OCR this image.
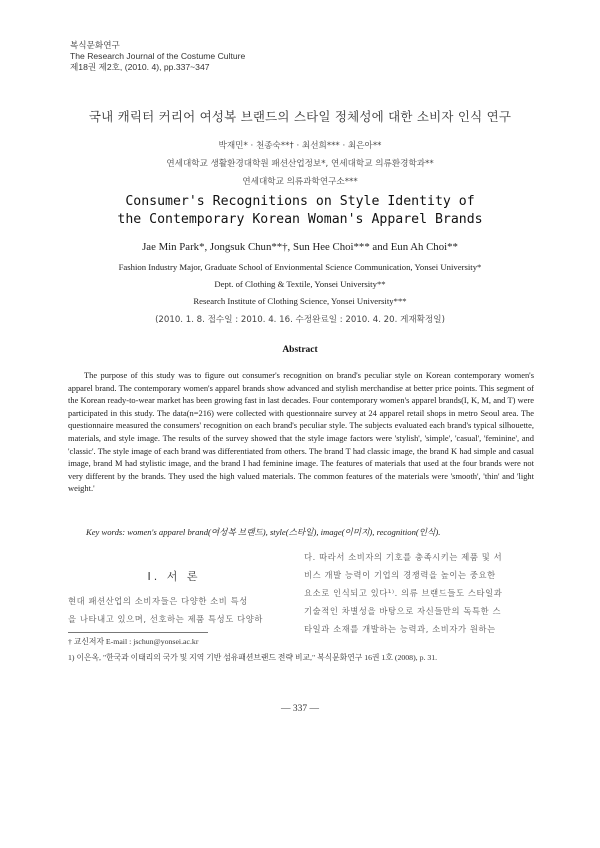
복식문화연구
The Research Journal of the Costume Culture
제18권 제2호, (2010. 4), pp.337~347
국내 캐릭터 커리어 여성복 브랜드의 스타일 정체성에 대한 소비자 인식 연구
박재민* · 천종숙**† · 최선희*** · 최은아**
연세대학교 생활환경대학원 패션산업정보*, 연세대학교 의류환경학과**
연세대학교 의류과학연구소***
Consumer's Recognitions on Style Identity of
the Contemporary Korean Woman's Apparel Brands
Jae Min Park*, Jongsuk Chun**†, Sun Hee Choi*** and Eun Ah Choi**
Fashion Industry Major, Graduate School of Envionmental Science Communication, Yonsei University*
Dept. of Clothing & Textile, Yonsei University**
Research Institute of Clothing Science, Yonsei University***
(2010. 1. 8. 접수일 : 2010. 4. 16. 수정완료일 : 2010. 4. 20. 게재확정일)
Abstract
The purpose of this study was to figure out consumer's recognition on brand's peculiar style on Korean contemporary women's apparel brand. The contemporary women's apparel brands show advanced and stylish merchandise at better price points. This segment of the Korean ready-to-wear market has been growing fast in last decades. Four contemporary women's apparel brands(I, K, M, and T) were participated in this study. The data(n=216) were collected with questionnaire survey at 24 apparel retail shops in metro Seoul area. The questionnaire measured the consumers' recognition on each brand's peculiar style. The subjects evaluated each brand's typical silhouette, materials, and style image. The results of the survey showed that the style image factors were 'stylish', 'simple', 'casual', 'feminine', and 'classic'. The style image of each brand was differentiated from others. The brand T had classic image, the brand K had simple and casual image, brand M had stylistic image, and the brand I had feminine image. The features of materials that used at the four brands were not very different by the brands. They used the high valued materials. The common features of the materials were 'smooth', 'thin' and 'light weight.'
Key words: women's apparel brand(여성복 브랜드), style(스타일), image(이미지), recognition(인식).
Ⅰ. 서 론
현대 패션산업의 소비자들은 다양한 소비 특성
을 나타내고 있으며, 선호하는 제품 특성도 다양하
다. 따라서 소비자의 기호를 충족시키는 제품 및 서
비스 개발 능력이 기업의 경쟁력을 높이는 중요한
요소로 인식되고 있다¹⁾. 의류 브랜드들도 스타일과
기술적인 차별성을 바탕으로 자신들만의 독특한 스
타일과 소재를 개발하는 능력과, 소비자가 원하는
† 교신저자 E-mail : jschun@yonsei.ac.kr
1) 이은옥, "한국과 이태리의 국가 및 지역 기반 섬유패션브랜드 전략 비교," 복식문화연구 16권 1호 (2008), p. 31.
— 337 —
